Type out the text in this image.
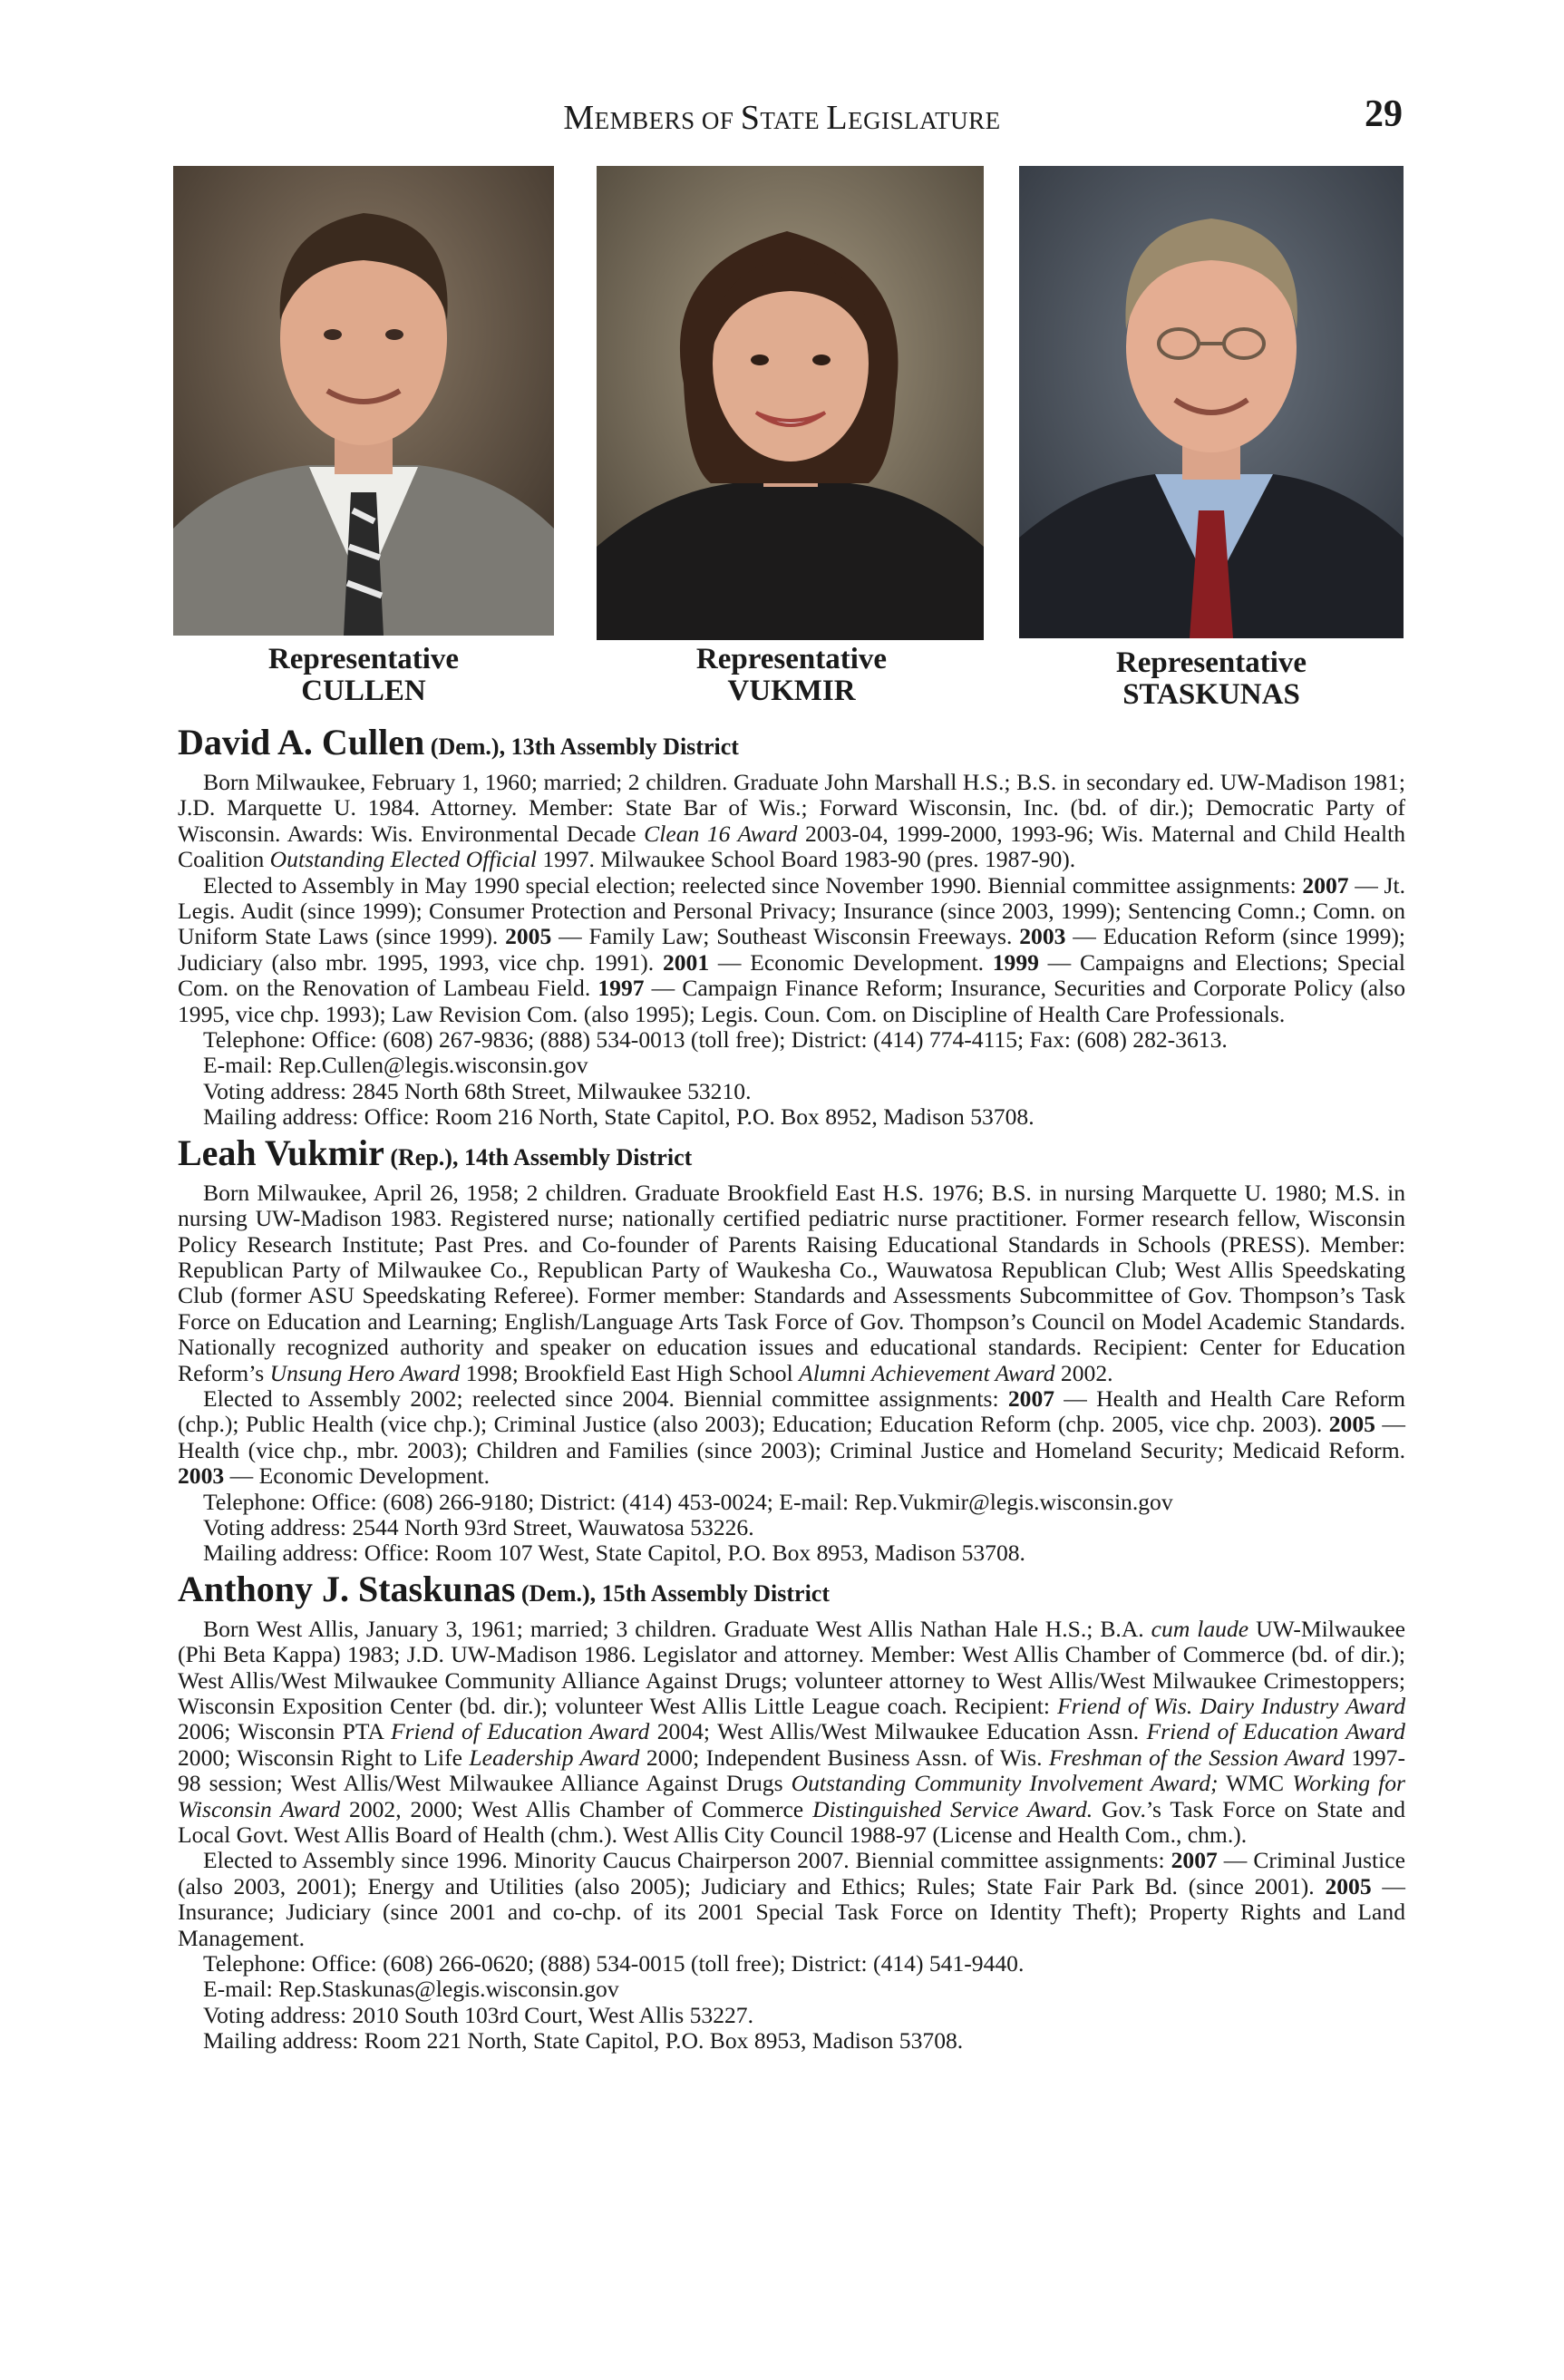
MEMBERS OF STATE LEGISLATURE	29
Representative
CULLEN
Representative
VUKMIR
Representative
STASKUNAS

David A. Cullen (Dem.), 13th Assembly District

Born Milwaukee, February 1, 1960; married; 2 children. Graduate John Marshall H.S.; B.S. in secondary ed. UW-Madison 1981; J.D. Marquette U. 1984. Attorney. Member: State Bar of Wis.; Forward Wisconsin, Inc. (bd. of dir.); Democratic Party of Wisconsin. Awards: Wis. Environmental Decade Clean 16 Award 2003-04, 1999-2000, 1993-96; Wis. Maternal and Child Health Coalition Outstanding Elected Official 1997. Milwaukee School Board 1983-90 (pres. 1987-90).

Elected to Assembly in May 1990 special election; reelected since November 1990. Biennial committee assignments: 2007 — Jt. Legis. Audit (since 1999); Consumer Protection and Personal Privacy; Insurance (since 2003, 1999); Sentencing Comn.; Comn. on Uniform State Laws (since 1999). 2005 — Family Law; Southeast Wisconsin Freeways. 2003 — Education Reform (since 1999); Judiciary (also mbr. 1995, 1993, vice chp. 1991). 2001 — Economic Development. 1999 — Campaigns and Elections; Special Com. on the Renovation of Lambeau Field. 1997 — Campaign Finance Reform; Insurance, Securities and Corporate Policy (also 1995, vice chp. 1993); Law Revision Com. (also 1995); Legis. Coun. Com. on Discipline of Health Care Professionals.

Telephone: Office: (608) 267-9836; (888) 534-0013 (toll free); District: (414) 774-4115; Fax: (608) 282-3613.

E-mail: Rep.Cullen@legis.wisconsin.gov

Voting address: 2845 North 68th Street, Milwaukee 53210.

Mailing address: Office: Room 216 North, State Capitol, P.O. Box 8952, Madison 53708.

Leah Vukmir (Rep.), 14th Assembly District

Born Milwaukee, April 26, 1958; 2 children. Graduate Brookfield East H.S. 1976; B.S. in nursing Marquette U. 1980; M.S. in nursing UW-Madison 1983. Registered nurse; nationally certified pediatric nurse practitioner. Former research fellow, Wisconsin Policy Research Institute; Past Pres. and Co-founder of Parents Raising Educational Standards in Schools (PRESS). Member: Republican Party of Milwaukee Co., Republican Party of Waukesha Co., Wauwatosa Republican Club; West Allis Speedskating Club (former ASU Speedskating Referee). Former member: Standards and Assessments Subcommittee of Gov. Thompson’s Task Force on Education and Learning; English/Language Arts Task Force of Gov. Thompson’s Council on Model Academic Standards. Nationally recognized authority and speaker on education issues and educational standards. Recipient: Center for Education Reform’s Unsung Hero Award 1998; Brookfield East High School Alumni Achievement Award 2002.

Elected to Assembly 2002; reelected since 2004. Biennial committee assignments: 2007 — Health and Health Care Reform (chp.); Public Health (vice chp.); Criminal Justice (also 2003); Education; Education Reform (chp. 2005, vice chp. 2003). 2005 — Health (vice chp., mbr. 2003); Children and Families (since 2003); Criminal Justice and Homeland Security; Medicaid Reform. 2003 — Economic Development.

Telephone: Office: (608) 266-9180; District: (414) 453-0024; E-mail: Rep.Vukmir@legis.wisconsin.gov

Voting address: 2544 North 93rd Street, Wauwatosa 53226.

Mailing address: Office: Room 107 West, State Capitol, P.O. Box 8953, Madison 53708.

Anthony J. Staskunas (Dem.), 15th Assembly District

Born West Allis, January 3, 1961; married; 3 children. Graduate West Allis Nathan Hale H.S.; B.A. cum laude UW-Milwaukee (Phi Beta Kappa) 1983; J.D. UW-Madison 1986. Legislator and attorney. Member: West Allis Chamber of Commerce (bd. of dir.); West Allis/West Milwaukee Community Alliance Against Drugs; volunteer attorney to West Allis/West Milwaukee Crimestoppers; Wisconsin Exposition Center (bd. dir.); volunteer West Allis Little League coach. Recipient: Friend of Wis. Dairy Industry Award 2006; Wisconsin PTA Friend of Education Award 2004; West Allis/West Milwaukee Education Assn. Friend of Education Award 2000; Wisconsin Right to Life Leadership Award 2000; Independent Business Assn. of Wis. Freshman of the Session Award 1997-98 session; West Allis/West Milwaukee Alliance Against Drugs Outstanding Community Involvement Award; WMC Working for Wisconsin Award 2002, 2000; West Allis Chamber of Commerce Distinguished Service Award. Gov.’s Task Force on State and Local Govt. West Allis Board of Health (chm.). West Allis City Council 1988-97 (License and Health Com., chm.).

Elected to Assembly since 1996. Minority Caucus Chairperson 2007. Biennial committee assignments: 2007 — Criminal Justice (also 2003, 2001); Energy and Utilities (also 2005); Judiciary and Ethics; Rules; State Fair Park Bd. (since 2001). 2005 — Insurance; Judiciary (since 2001 and co-chp. of its 2001 Special Task Force on Identity Theft); Property Rights and Land Management.

Telephone: Office: (608) 266-0620; (888) 534-0015 (toll free); District: (414) 541-9440.

E-mail: Rep.Staskunas@legis.wisconsin.gov

Voting address: 2010 South 103rd Court, West Allis 53227.

Mailing address: Room 221 North, State Capitol, P.O. Box 8953, Madison 53708.
